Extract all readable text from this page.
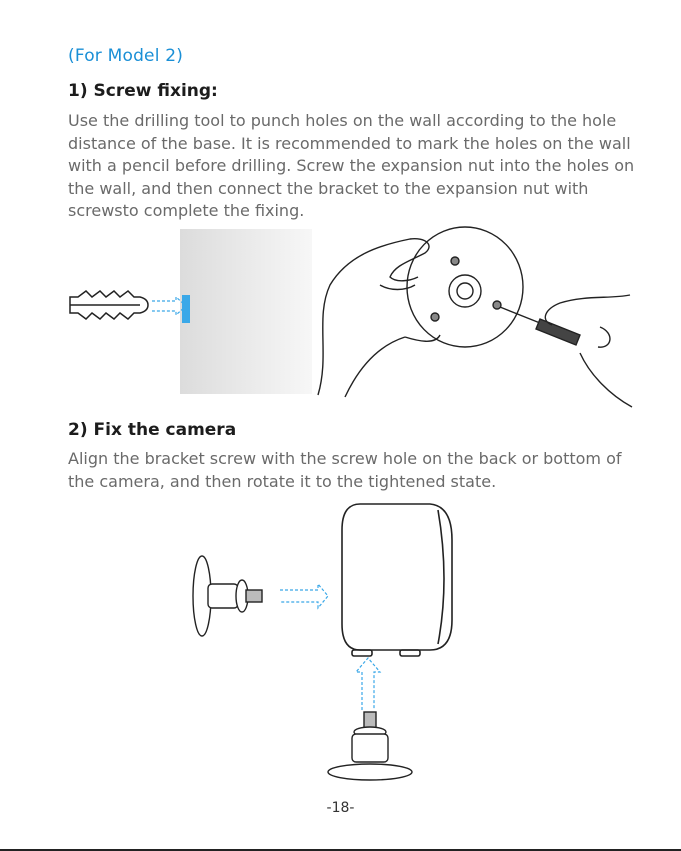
(For Model 2)
1) Screw fixing:

Use the drilling tool to punch holes on the wall according to the hole distance of the base. It is recommended to mark the holes on the wall with a pencil before drilling. Screw the expansion nut into the holes on the wall, and then connect the bracket to the expansion nut with screwsto complete the fixing.

2) Fix the camera

Align the bracket screw with the screw hole on the back or bottom of the camera, and then rotate it to the tightened state.

-18-
